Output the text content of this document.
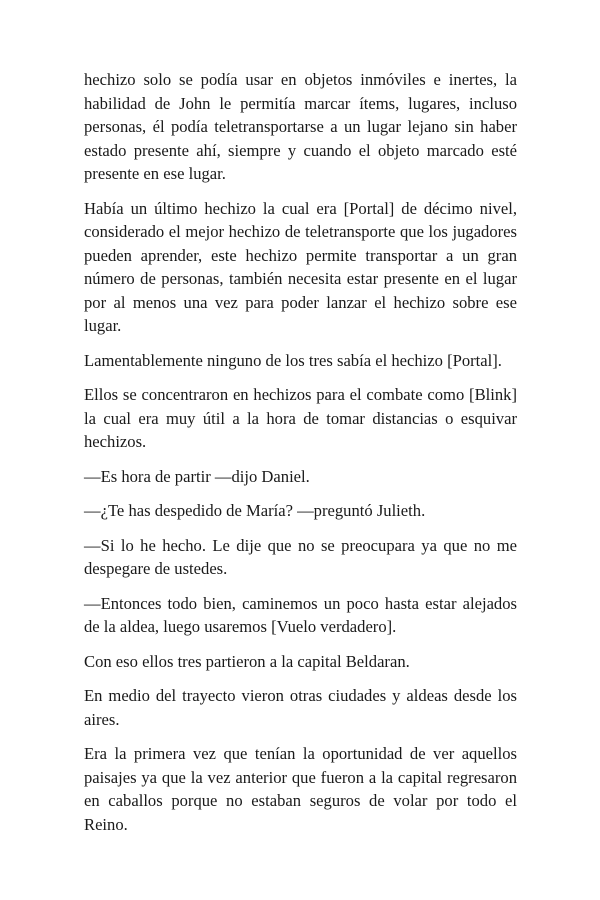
hechizo solo se podía usar en objetos inmóviles e inertes, la habilidad de John le permitía marcar ítems, lugares, incluso personas, él podía teletransportarse a un lugar lejano sin haber estado presente ahí, siempre y cuando el objeto marcado esté presente en ese lugar.

Había un último hechizo la cual era [Portal] de décimo nivel, considerado el mejor hechizo de teletransporte que los jugadores pueden aprender, este hechizo permite transportar a un gran número de personas, también necesita estar presente en el lugar por al menos una vez para poder lanzar el hechizo sobre ese lugar.

Lamentablemente ninguno de los tres sabía el hechizo [Portal].

Ellos se concentraron en hechizos para el combate como [Blink] la cual era muy útil a la hora de tomar distancias o esquivar hechizos.

—Es hora de partir —dijo Daniel.

—¿Te has despedido de María? —preguntó Julieth.

—Si lo he hecho. Le dije que no se preocupara ya que no me despegare de ustedes.

—Entonces todo bien, caminemos un poco hasta estar alejados de la aldea, luego usaremos [Vuelo verdadero].

Con eso ellos tres partieron a la capital Beldaran.

En medio del trayecto vieron otras ciudades y aldeas desde los aires.

Era la primera vez que tenían la oportunidad de ver aquellos paisajes ya que la vez anterior que fueron a la capital regresaron en caballos porque no estaban seguros de volar por todo el Reino.
